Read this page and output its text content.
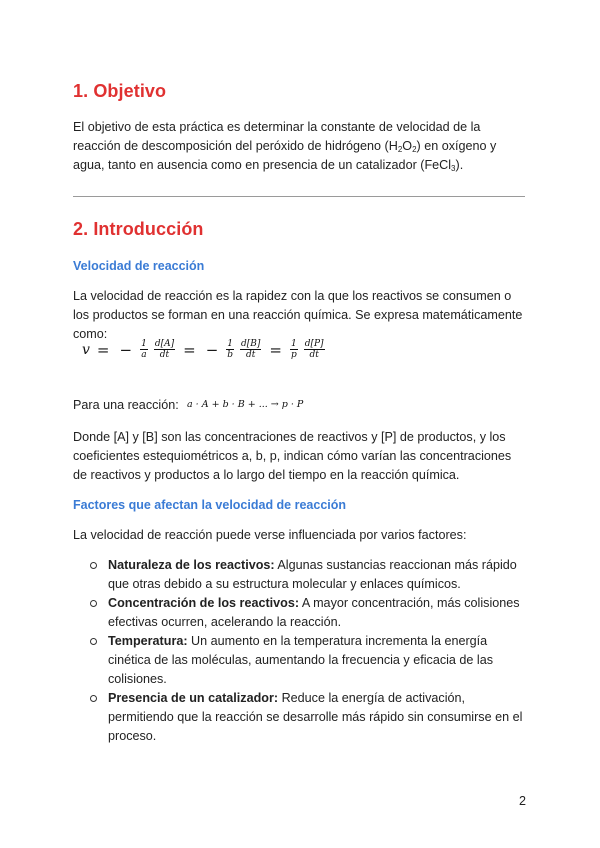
1. Objetivo

El objetivo de esta práctica es determinar la constante de velocidad de la reacción de descomposición del peróxido de hidrógeno $(H_2O_2)$ en oxígeno y agua, tanto en ausencia como en presencia de un catalizador (FeCl$_3$).

2. Introducción
Velocidad de reacción

La velocidad de reacción es la rapidez con la que los reactivos se consumen o los productos se forman en una reacción química. Se expresa matemáticamente como:

v = − $\frac{1}{a} \frac{d[A]}{dt}$ = − $\frac{1}{b} \frac{d[B]}{dt} = \frac{1}{p} \frac{d[P]}{dt}$
Para una reacción: a · A + b · B + ... → p · P

Donde [A] y [B] son las concentraciones de reactivos y [P] de productos, y los coeficientes estequiométricos a, b, p, indican cómo varían las concentraciones de reactivos y productos a lo largo del tiempo en la reacción química.

Factores que afectan la velocidad de reacción

La velocidad de reacción puede verse influenciada por varios factores:

Naturaleza de los reactivos: Algunas sustancias reaccionan más rápido que otras debido a su estructura molecular y enlaces químicos.
Concentración de los reactivos: A mayor concentración, más colisiones efectivas ocurren, acelerando la reacción.
Temperatura: Un aumento en la temperatura incrementa la energía cinética de las moléculas, aumentando la frecuencia y eficacia de las colisiones.
Presencia de un catalizador: Reduce la energía de activación, permitiendo que la reacción se desarrolle más rápido sin consumirse en el proceso.
2
